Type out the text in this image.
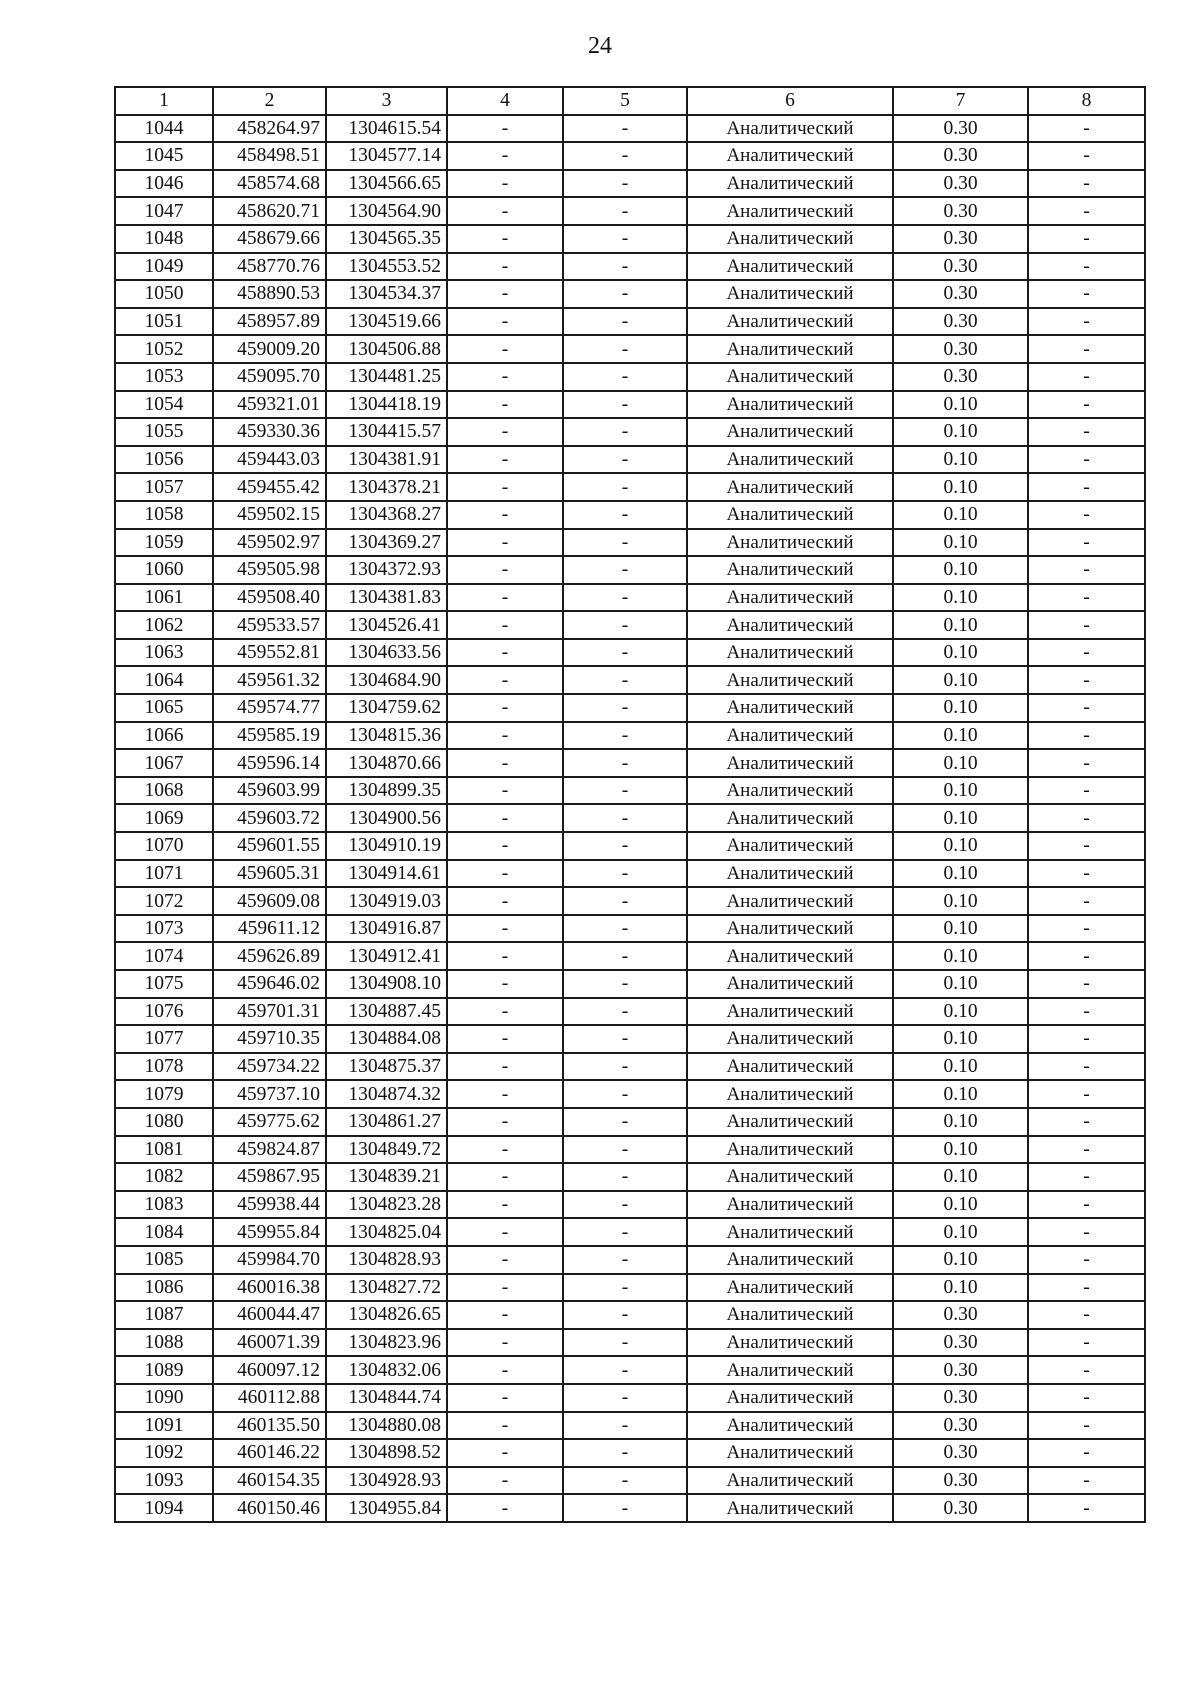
24
1	2	3	4	5	6	7	8
1044	458264.97	1304615.54	-	-	Аналитический	0.30	-
1045	458498.51	1304577.14	-	-	Аналитический	0.30	-
1046	458574.68	1304566.65	-	-	Аналитический	0.30	-
1047	458620.71	1304564.90	-	-	Аналитический	0.30	-
1048	458679.66	1304565.35	-	-	Аналитический	0.30	-
1049	458770.76	1304553.52	-	-	Аналитический	0.30	-
1050	458890.53	1304534.37	-	-	Аналитический	0.30	-
1051	458957.89	1304519.66	-	-	Аналитический	0.30	-
1052	459009.20	1304506.88	-	-	Аналитический	0.30	-
1053	459095.70	1304481.25	-	-	Аналитический	0.30	-
1054	459321.01	1304418.19	-	-	Аналитический	0.10	-
1055	459330.36	1304415.57	-	-	Аналитический	0.10	-
1056	459443.03	1304381.91	-	-	Аналитический	0.10	-
1057	459455.42	1304378.21	-	-	Аналитический	0.10	-
1058	459502.15	1304368.27	-	-	Аналитический	0.10	-
1059	459502.97	1304369.27	-	-	Аналитический	0.10	-
1060	459505.98	1304372.93	-	-	Аналитический	0.10	-
1061	459508.40	1304381.83	-	-	Аналитический	0.10	-
1062	459533.57	1304526.41	-	-	Аналитический	0.10	-
1063	459552.81	1304633.56	-	-	Аналитический	0.10	-
1064	459561.32	1304684.90	-	-	Аналитический	0.10	-
1065	459574.77	1304759.62	-	-	Аналитический	0.10	-
1066	459585.19	1304815.36	-	-	Аналитический	0.10	-
1067	459596.14	1304870.66	-	-	Аналитический	0.10	-
1068	459603.99	1304899.35	-	-	Аналитический	0.10	-
1069	459603.72	1304900.56	-	-	Аналитический	0.10	-
1070	459601.55	1304910.19	-	-	Аналитический	0.10	-
1071	459605.31	1304914.61	-	-	Аналитический	0.10	-
1072	459609.08	1304919.03	-	-	Аналитический	0.10	-
1073	459611.12	1304916.87	-	-	Аналитический	0.10	-
1074	459626.89	1304912.41	-	-	Аналитический	0.10	-
1075	459646.02	1304908.10	-	-	Аналитический	0.10	-
1076	459701.31	1304887.45	-	-	Аналитический	0.10	-
1077	459710.35	1304884.08	-	-	Аналитический	0.10	-
1078	459734.22	1304875.37	-	-	Аналитический	0.10	-
1079	459737.10	1304874.32	-	-	Аналитический	0.10	-
1080	459775.62	1304861.27	-	-	Аналитический	0.10	-
1081	459824.87	1304849.72	-	-	Аналитический	0.10	-
1082	459867.95	1304839.21	-	-	Аналитический	0.10	-
1083	459938.44	1304823.28	-	-	Аналитический	0.10	-
1084	459955.84	1304825.04	-	-	Аналитический	0.10	-
1085	459984.70	1304828.93	-	-	Аналитический	0.10	-
1086	460016.38	1304827.72	-	-	Аналитический	0.10	-
1087	460044.47	1304826.65	-	-	Аналитический	0.30	-
1088	460071.39	1304823.96	-	-	Аналитический	0.30	-
1089	460097.12	1304832.06	-	-	Аналитический	0.30	-
1090	460112.88	1304844.74	-	-	Аналитический	0.30	-
1091	460135.50	1304880.08	-	-	Аналитический	0.30	-
1092	460146.22	1304898.52	-	-	Аналитический	0.30	-
1093	460154.35	1304928.93	-	-	Аналитический	0.30	-
1094	460150.46	1304955.84	-	-	Аналитический	0.30	-
